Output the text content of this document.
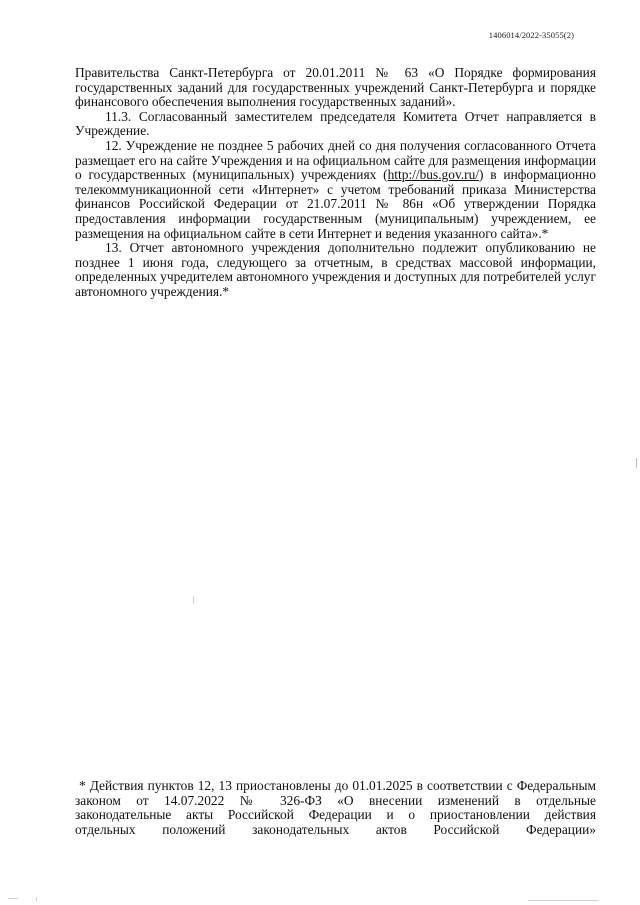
1406014/2022-35055(2)

Правительства Санкт-Петербурга от 20.01.2011 № 63 «О Порядке формирования государственных заданий для государственных учреждений Санкт-Петербурга и порядке финансового обеспечения выполнения государственных заданий».

11.3. Согласованный заместителем председателя Комитета Отчет направляется в Учреждение.

12. Учреждение не позднее 5 рабочих дней со дня получения согласованного Отчета размещает его на сайте Учреждения и на официальном сайте для размещения информации о государственных (муниципальных) учреждениях (http://bus.gov.ru/) в информационно телекоммуникационной сети «Интернет» с учетом требований приказа Министерства финансов Российской Федерации от 21.07.2011 № 86н «Об утверждении Порядка предоставления информации государственным (муниципальным) учреждением, ее размещения на официальном сайте в сети Интернет и ведения указанного сайта».*

13. Отчет автономного учреждения дополнительно подлежит опубликованию не позднее 1 июня года, следующего за отчетным, в средствах массовой информации, определенных учредителем автономного учреждения и доступных для потребителей услуг автономного учреждения.*

* Действия пунктов 12, 13 приостановлены до 01.01.2025 в соответствии с Федеральным
законом от 14.07.2022 № 326-ФЗ «О внесении изменений в отдельные
законодательные акты Российской Федерации и о приостановлении действия
отдельных положений законодательных актов Российской Федерации»
